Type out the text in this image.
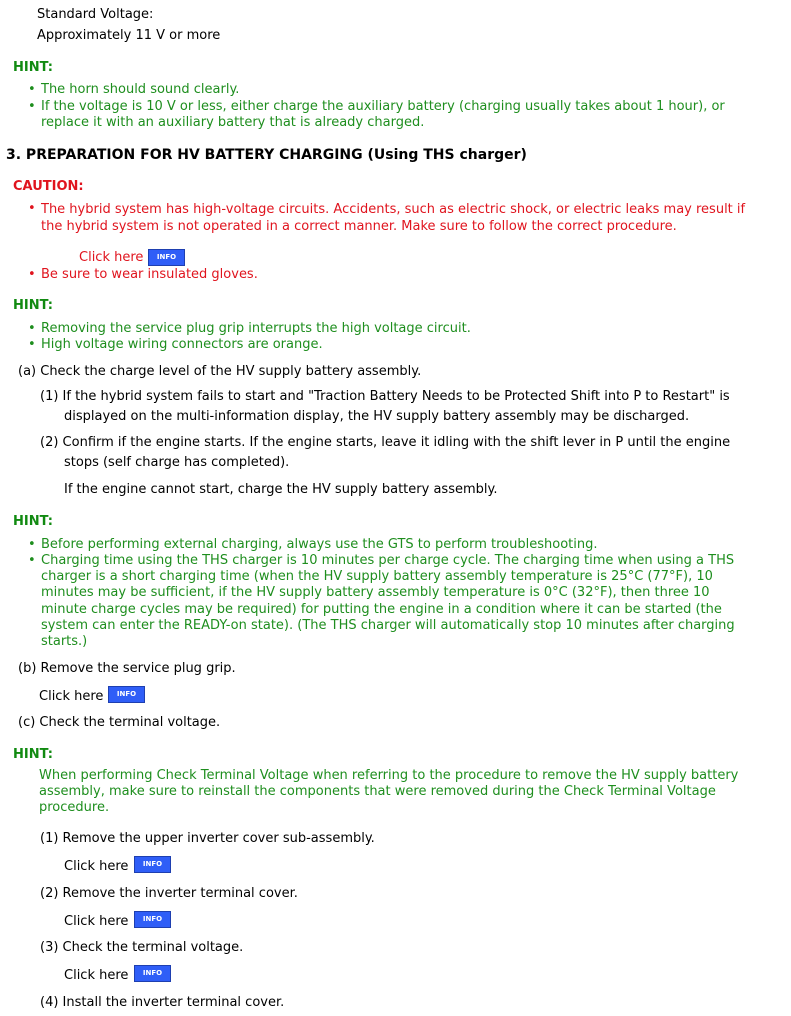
Standard Voltage:
Approximately 11 V or more
HINT:
• The horn should sound clearly.
• If the voltage is 10 V or less, either charge the auxiliary battery (charging usually takes about 1 hour), or
replace it with an auxiliary battery that is already charged.
3. PREPARATION FOR HV BATTERY CHARGING (Using THS charger)
CAUTION:
• The hybrid system has high-voltage circuits. Accidents, such as electric shock, or electric leaks may result if
the hybrid system is not operated in a correct manner. Make sure to follow the correct procedure.
Click here	INFO
• Be sure to wear insulated gloves.
HINT:
• Removing the service plug grip interrupts the high voltage circuit.
• High voltage wiring connectors are orange.
(a) Check the charge level of the HV supply battery assembly.
(1) If the hybrid system fails to start and "Traction Battery Needs to be Protected Shift into P to Restart" is
displayed on the multi-information display, the HV supply battery assembly may be discharged.
(2) Confirm if the engine starts. If the engine starts, leave it idling with the shift lever in P until the engine
stops (self charge has completed).
If the engine cannot start, charge the HV supply battery assembly.
HINT:
• Before performing external charging, always use the GTS to perform troubleshooting.
• Charging time using the THS charger is 10 minutes per charge cycle. The charging time when using a THS
charger is a short charging time (when the HV supply battery assembly temperature is 25°C (77°F), 10
minutes may be sufficient, if the HV supply battery assembly temperature is 0°C (32°F), then three 10
minute charge cycles may be required) for putting the engine in a condition where it can be started (the
system can enter the READY-on state). (The THS charger will automatically stop 10 minutes after charging
starts.)
(b) Remove the service plug grip.
Click here	INFO
(c) Check the terminal voltage.
HINT:
When performing Check Terminal Voltage when referring to the procedure to remove the HV supply battery
assembly, make sure to reinstall the components that were removed during the Check Terminal Voltage
procedure.
(1) Remove the upper inverter cover sub-assembly.
Click here	INFO
(2) Remove the inverter terminal cover.
Click here	INFO
(3) Check the terminal voltage.
Click here	INFO
(4) Install the inverter terminal cover.
